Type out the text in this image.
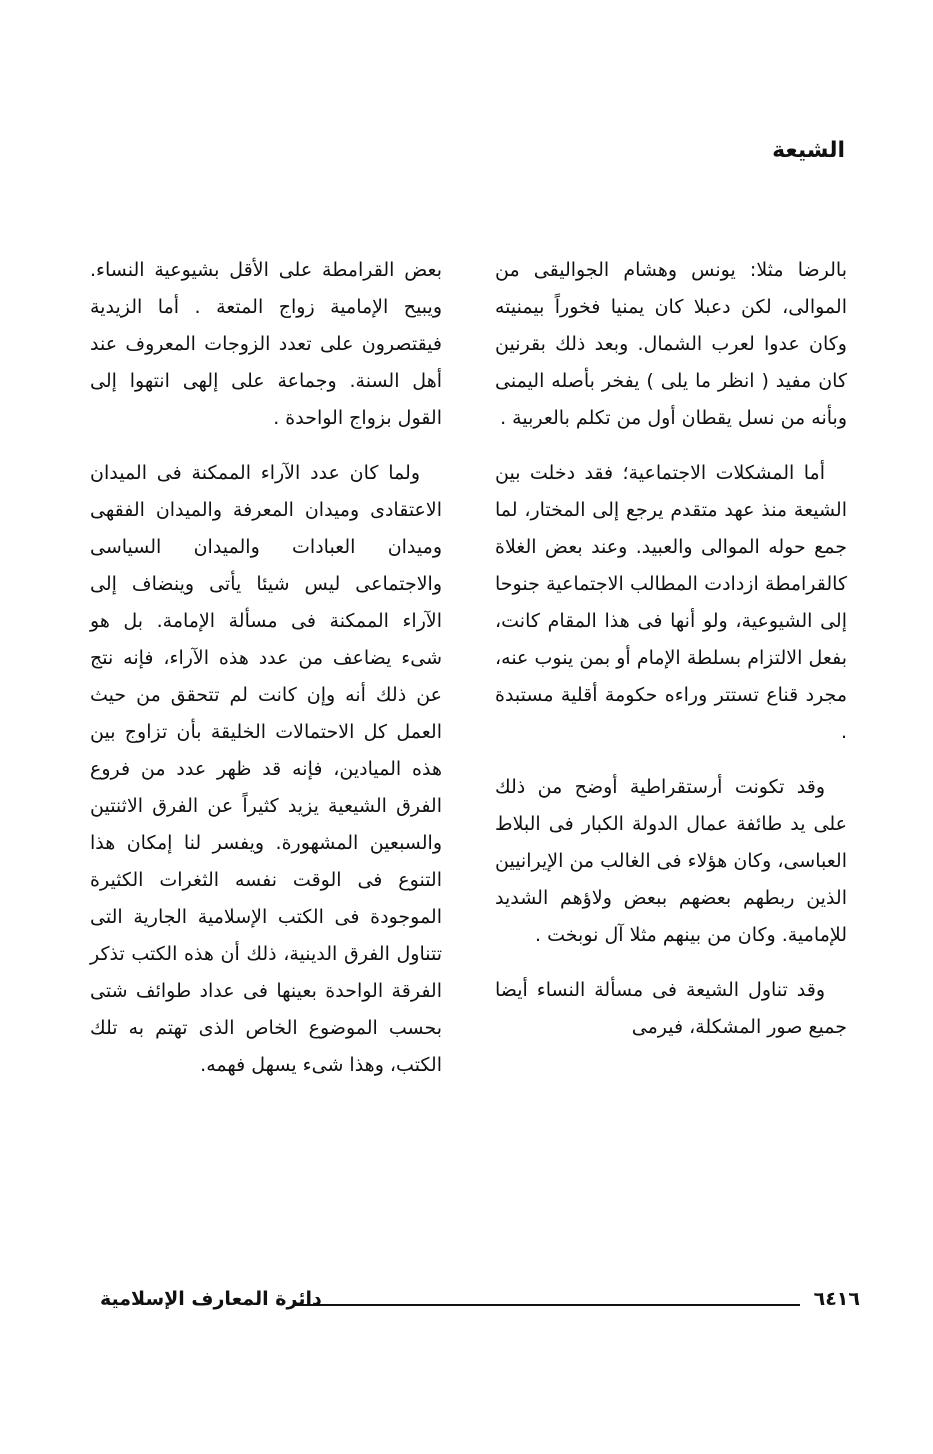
الشيعة

بالرضا مثلا: يونس وهشام الجواليقى من الموالى، لكن دعبلا كان يمنيا فخوراً بيمنيته وكان عدوا لعرب الشمال. وبعد ذلك بقرنين كان مفيد ( انظر ما يلى ) يفخر بأصله اليمنى وبأنه من نسل يقطان أول من تكلم بالعربية .

أما المشكلات الاجتماعية؛ فقد دخلت بين الشيعة منذ عهد متقدم يرجع إلى المختار، لما جمع حوله الموالى والعبيد. وعند بعض الغلاة كالقرامطة ازدادت المطالب الاجتماعية جنوحا إلى الشيوعية، ولو أنها فى هذا المقام كانت، بفعل الالتزام بسلطة الإمام أو بمن ينوب عنه، مجرد قناع تستتر وراءه حكومة أقلية مستبدة .

وقد تكونت أرستقراطية أوضح من ذلك على يد طائفة عمال الدولة الكبار فى البلاط العباسى، وكان هؤلاء فى الغالب من الإيرانيين الذين ربطهم بعضهم ببعض ولاؤهم الشديد للإمامية. وكان من بينهم مثلا آل نوبخت .

وقد تناول الشيعة فى مسألة النساء أيضا جميع صور المشكلة، فيرمى

بعض القرامطة على الأقل بشيوعية النساء. ويبيح الإمامية زواج المتعة . أما الزيدية فيقتصرون على تعدد الزوجات المعروف عند أهل السنة. وجماعة على إلهى انتهوا إلى القول بزواج الواحدة .

ولما كان عدد الآراء الممكنة فى الميدان الاعتقادى وميدان المعرفة والميدان الفقهى وميدان العبادات والميدان السياسى والاجتماعى ليس شيئا يأتى وينضاف إلى الآراء الممكنة فى مسألة الإمامة. بل هو شىء يضاعف من عدد هذه الآراء، فإنه نتج عن ذلك أنه وإن كانت لم تتحقق من حيث العمل كل الاحتمالات الخليقة بأن تزاوج بين هذه الميادين، فإنه قد ظهر عدد من فروع الفرق الشيعية يزيد كثيراً عن الفرق الاثنتين والسبعين المشهورة. ويفسر لنا إمكان هذا التنوع فى الوقت نفسه الثغرات الكثيرة الموجودة فى الكتب الإسلامية الجارية التى تتناول الفرق الدينية، ذلك أن هذه الكتب تذكر الفرقة الواحدة بعينها فى عداد طوائف شتى بحسب الموضوع الخاص الذى تهتم به تلك الكتب، وهذا شىء يسهل فهمه.

٦٤١٦
دائرة المعارف الإسلامية
